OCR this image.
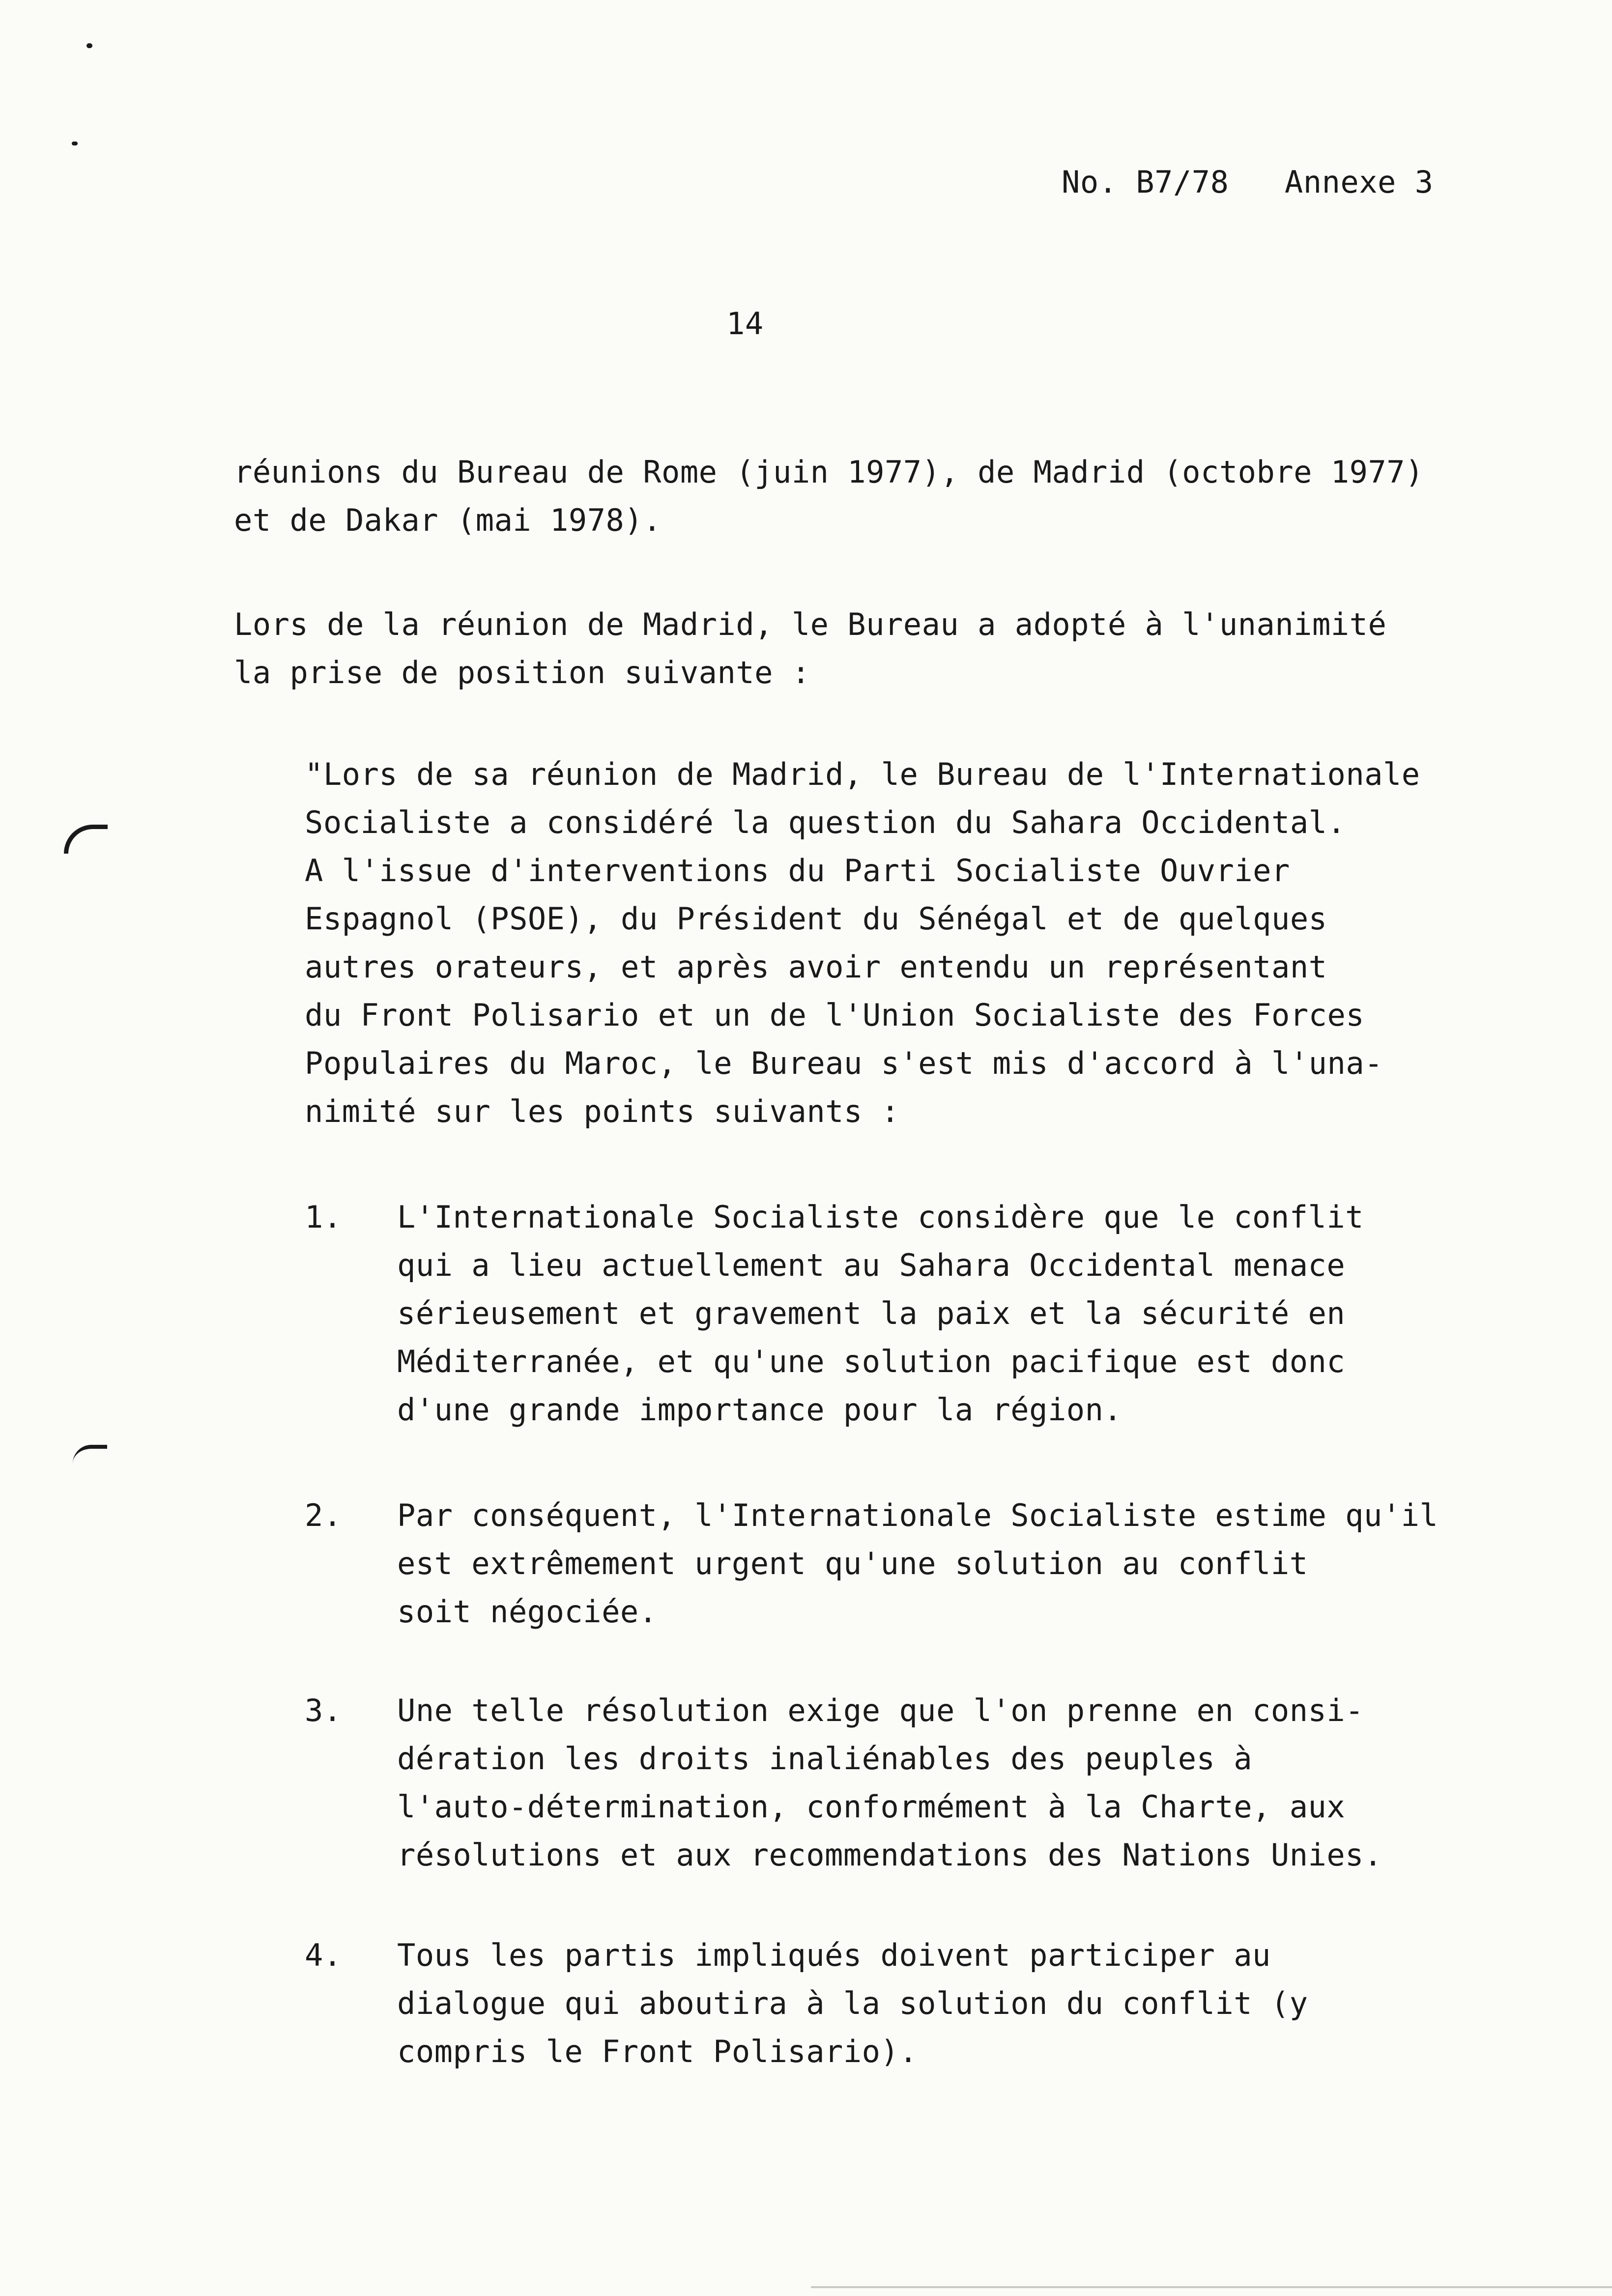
No. B7/78   Annexe 3
14
réunions du Bureau de Rome (juin 1977), de Madrid (octobre 1977)
et de Dakar (mai 1978).
Lors de la réunion de Madrid, le Bureau a adopté à l'unanimité
la prise de position suivante :
"Lors de sa réunion de Madrid, le Bureau de l'Internationale
Socialiste a considéré la question du Sahara Occidental.
A l'issue d'interventions du Parti Socialiste Ouvrier
Espagnol (PSOE), du Président du Sénégal et de quelques
autres orateurs, et après avoir entendu un représentant
du Front Polisario et un de l'Union Socialiste des Forces
Populaires du Maroc, le Bureau s'est mis d'accord à l'una-
nimité sur les points suivants :
1. L'Internationale Socialiste considère que le conflit
qui a lieu actuellement au Sahara Occidental menace
sérieusement et gravement la paix et la sécurité en
Méditerranée, et qu'une solution pacifique est donc
d'une grande importance pour la région.
2. Par conséquent, l'Internationale Socialiste estime qu'il
est extrêmement urgent qu'une solution au conflit
soit négociée.
3. Une telle résolution exige que l'on prenne en consi-
dération les droits inaliénables des peuples à
l'auto-détermination, conformément à la Charte, aux
résolutions et aux recommendations des Nations Unies.
4. Tous les partis impliqués doivent participer au
dialogue qui aboutira à la solution du conflit (y
compris le Front Polisario).
